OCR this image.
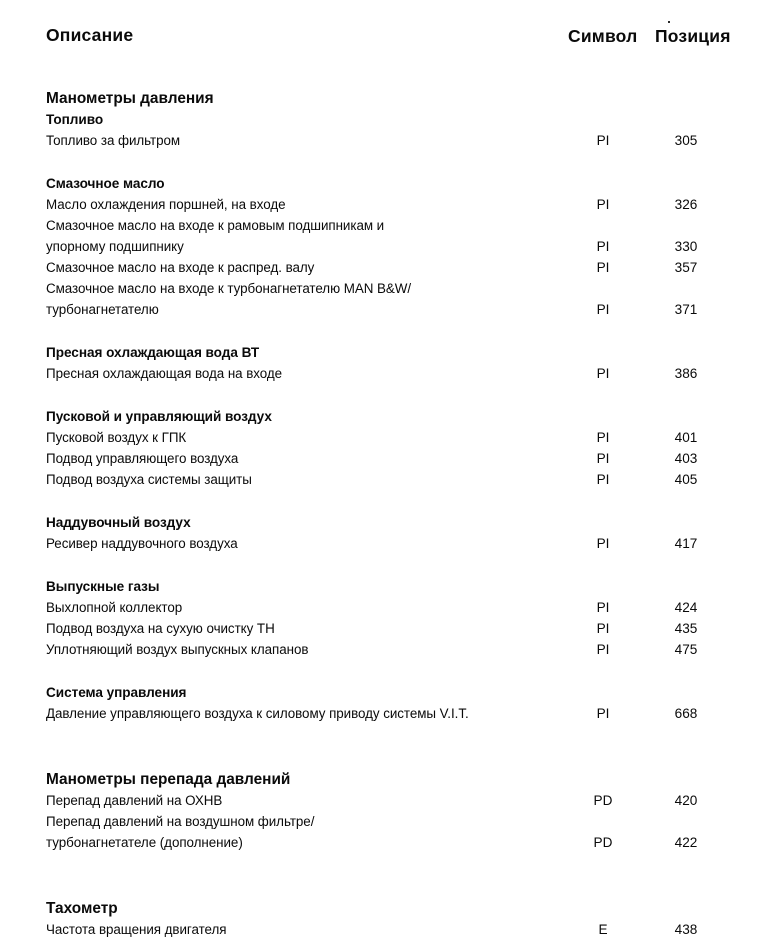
Описание	Символ Позиция
Манометры давления
Топливо
Топливо за фильтром	PI	305
Смазочное масло
Масло охлаждения поршней, на входе	PI	326
Смазочное масло на входе к рамовым подшипникам и
упорному подшипнику	PI	330
Смазочное масло на входе к распред. валу	PI	357
Смазочное масло на входе к турбонагнетателю MAN B&W/
турбонагнетателю	PI	371
Пресная охлаждающая вода ВТ
Пресная охлаждающая вода на входе	PI	386
Пусковой и управляющий воздух
Пусковой воздух к ГПК	PI	401
Подвод управляющего воздуха	PI	403
Подвод воздуха системы защиты	PI	405
Наддувочный воздух
Ресивер наддувочного воздуха	PI	417
Выпускные газы
Выхлопной коллектор	PI	424
Подвод воздуха на сухую очистку ТН	PI	435
Уплотняющий воздух выпускных клапанов	PI	475
Система управления
Давление управляющего воздуха к силовому приводу системы V.I.T.	PI	668
Манометры перепада давлений
Перепад давлений на ОХНВ	PD	420
Перепад давлений на воздушном фильтре/
турбонагнетателе (дополнение)	PD	422
Тахометр
Частота вращения двигателя	E	438
